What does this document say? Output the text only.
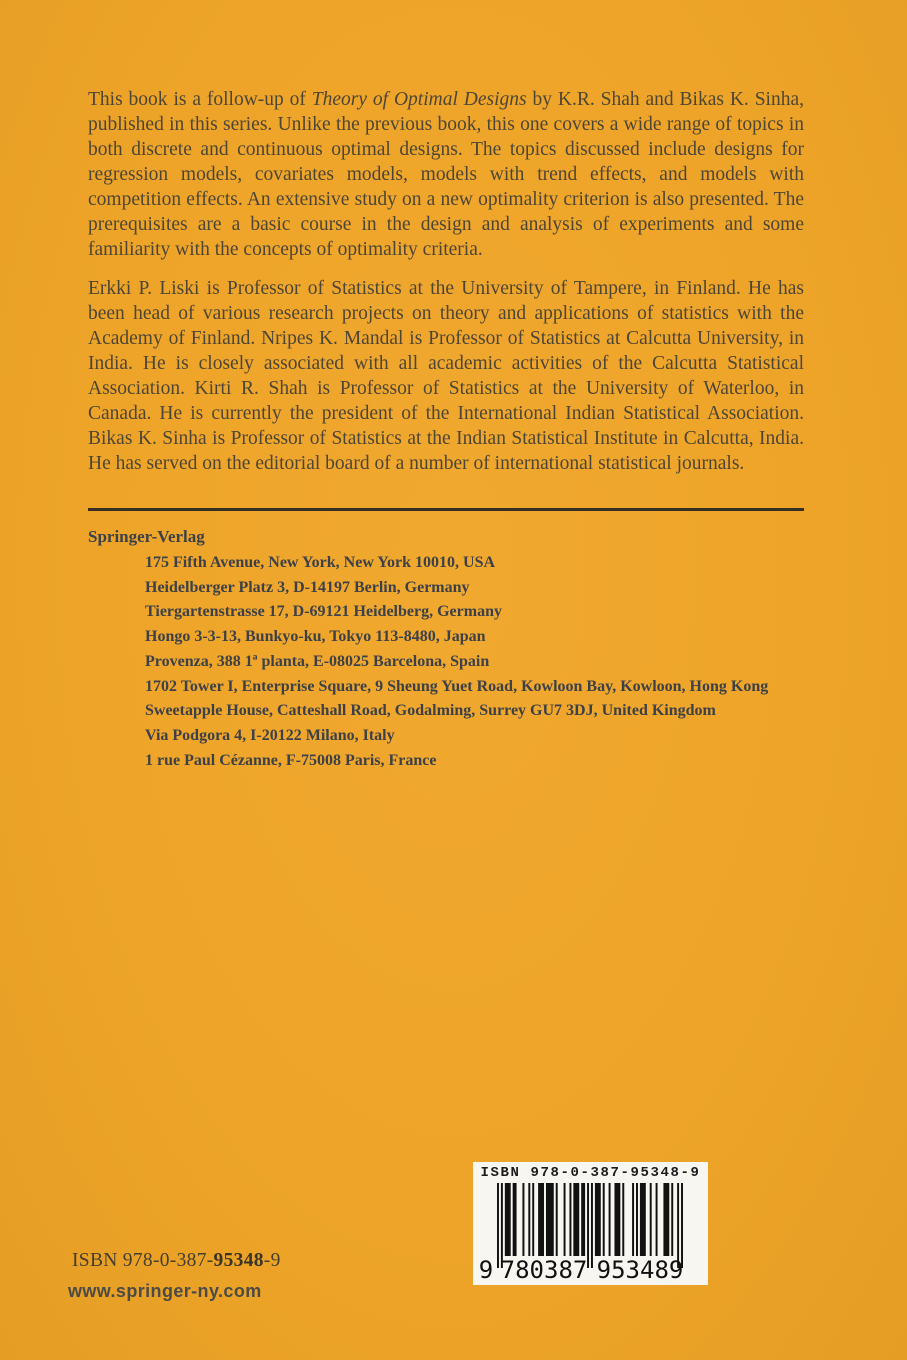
This book is a follow-up of Theory of Optimal Designs by K.R. Shah and Bikas K. Sinha, published in this series. Unlike the previous book, this one covers a wide range of topics in both discrete and continuous optimal designs. The topics discussed include designs for regression models, covariates models, models with trend effects, and models with competition effects. An extensive study on a new optimality criterion is also presented. The prerequisites are a basic course in the design and analysis of experiments and some familiarity with the concepts of optimality criteria.

Erkki P. Liski is Professor of Statistics at the University of Tampere, in Finland. He has been head of various research projects on theory and applications of statistics with the Academy of Finland. Nripes K. Mandal is Professor of Statistics at Calcutta University, in India. He is closely associated with all academic activities of the Calcutta Statistical Association. Kirti R. Shah is Professor of Statistics at the University of Waterloo, in Canada. He is currently the president of the International Indian Statistical Association. Bikas K. Sinha is Professor of Statistics at the Indian Statistical Institute in Calcutta, India. He has served on the editorial board of a number of international statistical journals.

Springer-Verlag
175 Fifth Avenue, New York, New York 10010, USA
Heidelberger Platz 3, D-14197 Berlin, Germany
Tiergartenstrasse 17, D-69121 Heidelberg, Germany
Hongo 3-3-13, Bunkyo-ku, Tokyo 113-8480, Japan
Provenza, 388 1ª planta, E-08025 Barcelona, Spain
1702 Tower I, Enterprise Square, 9 Sheung Yuet Road, Kowloon Bay, Kowloon, Hong Kong
Sweetapple House, Catteshall Road, Godalming, Surrey GU7 3DJ, United Kingdom
Via Podgora 4, I-20122 Milano, Italy
1 rue Paul Cézanne, F-75008 Paris, France
ISBN 978-0-387-95348-9
9 780387 953489
ISBN 978-0-387-95348-9
www.springer-ny.com
